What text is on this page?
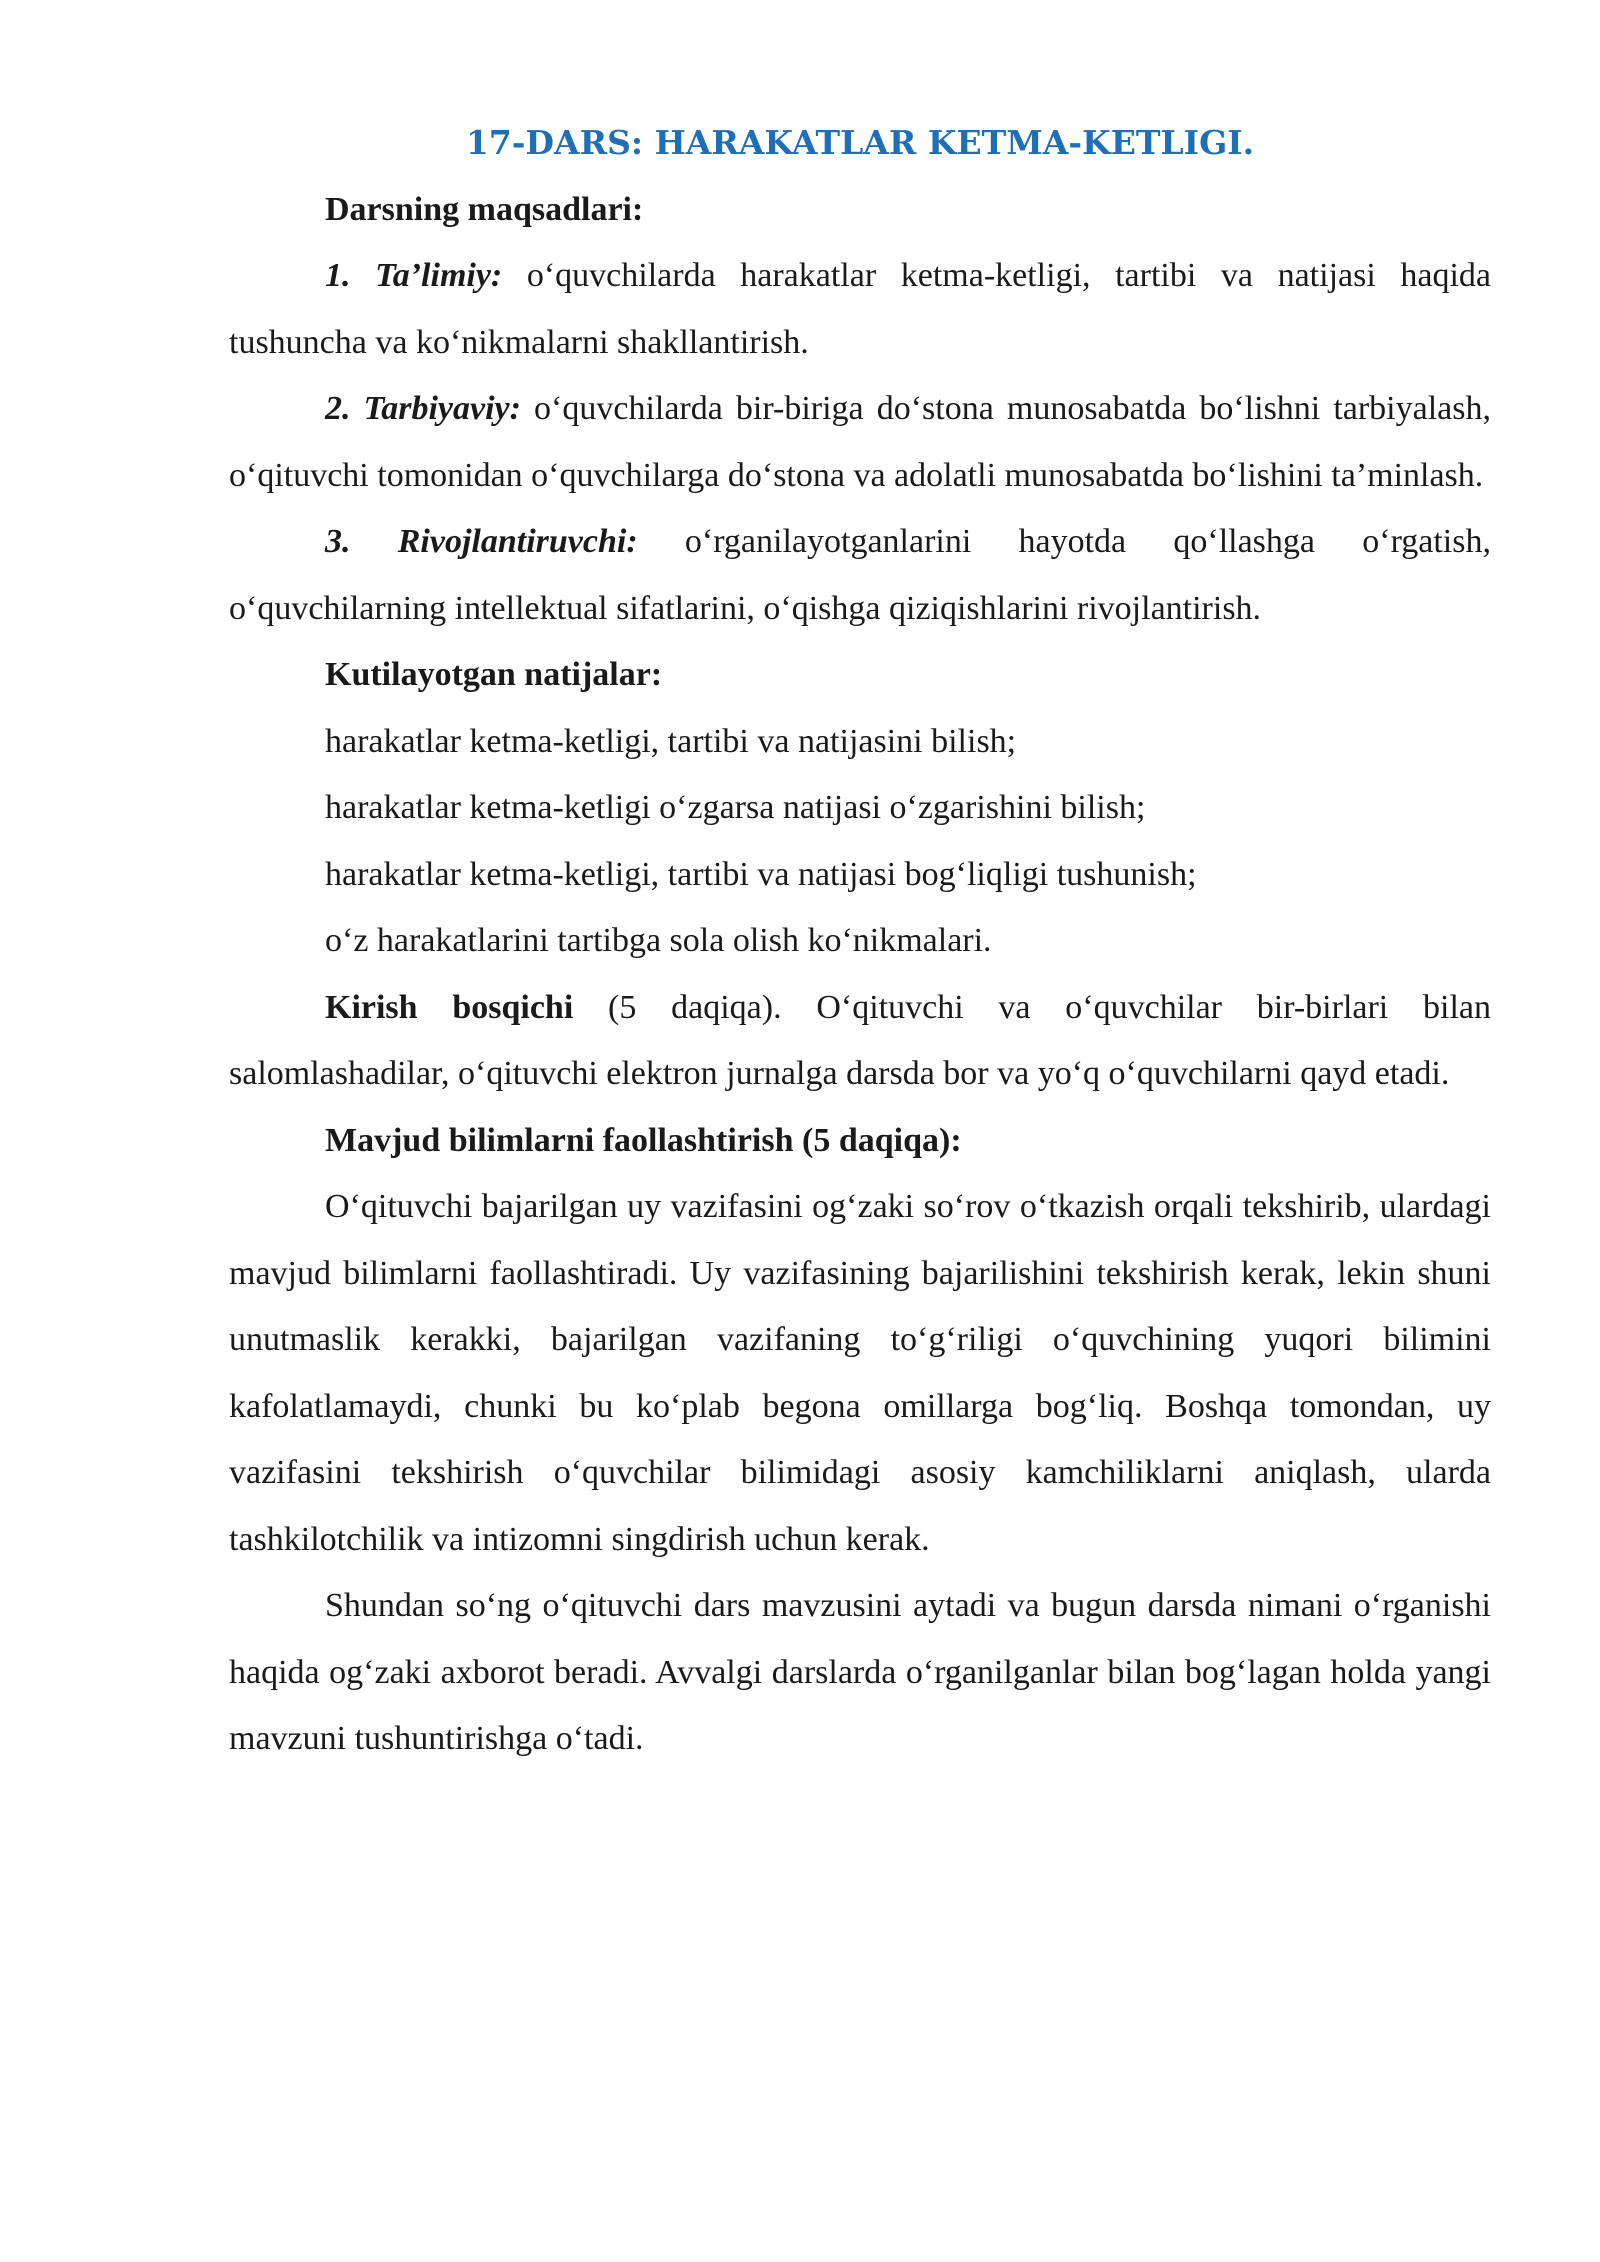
17-DARS: HARAKATLAR KETMA-KETLIGI.

Darsning maqsadlari:

1. Ta’limiy: o‘quvchilarda harakatlar ketma-ketligi, tartibi va natijasi haqida tushuncha va ko‘nikmalarni shakllantirish.

2. Tarbiyaviy: o‘quvchilarda bir-biriga do‘stona munosabatda bo‘lishni tarbiyalash, o‘qituvchi tomonidan o‘quvchilarga do‘stona va adolatli munosabatda bo‘lishini ta’minlash.

3. Rivojlantiruvchi: o‘rganilayotganlarini hayotda qo‘llashga o‘rgatish, o‘quvchilarning intellektual sifatlarini, o‘qishga qiziqishlarini rivojlantirish.

Kutilayotgan natijalar:

harakatlar ketma-ketligi, tartibi va natijasini bilish;

harakatlar ketma-ketligi o‘zgarsa natijasi o‘zgarishini bilish;

harakatlar ketma-ketligi, tartibi va natijasi bog‘liqligi tushunish;

o‘z harakatlarini tartibga sola olish ko‘nikmalari.

Kirish bosqichi (5 daqiqa). O‘qituvchi va o‘quvchilar bir-birlari bilan salomlashadilar, o‘qituvchi elektron jurnalga darsda bor va yo‘q o‘quvchilarni qayd etadi.

Mavjud bilimlarni faollashtirish (5 daqiqa):

O‘qituvchi bajarilgan uy vazifasini og‘zaki so‘rov o‘tkazish orqali tekshirib, ulardagi mavjud bilimlarni faollashtiradi. Uy vazifasining bajarilishini tekshirish kerak, lekin shuni unutmaslik kerakki, bajarilgan vazifaning to‘g‘riligi o‘quvchining yuqori bilimini kafolatlamaydi, chunki bu ko‘plab begona omillarga bog‘liq. Boshqa tomondan, uy vazifasini tekshirish o‘quvchilar bilimidagi asosiy kamchiliklarni aniqlash, ularda tashkilotchilik va intizomni singdirish uchun kerak.

Shundan so‘ng o‘qituvchi dars mavzusini aytadi va bugun darsda nimani o‘rganishi haqida og‘zaki axborot beradi. Avvalgi darslarda o‘rganilganlar bilan bog‘lagan holda yangi mavzuni tushuntirishga o‘tadi.
